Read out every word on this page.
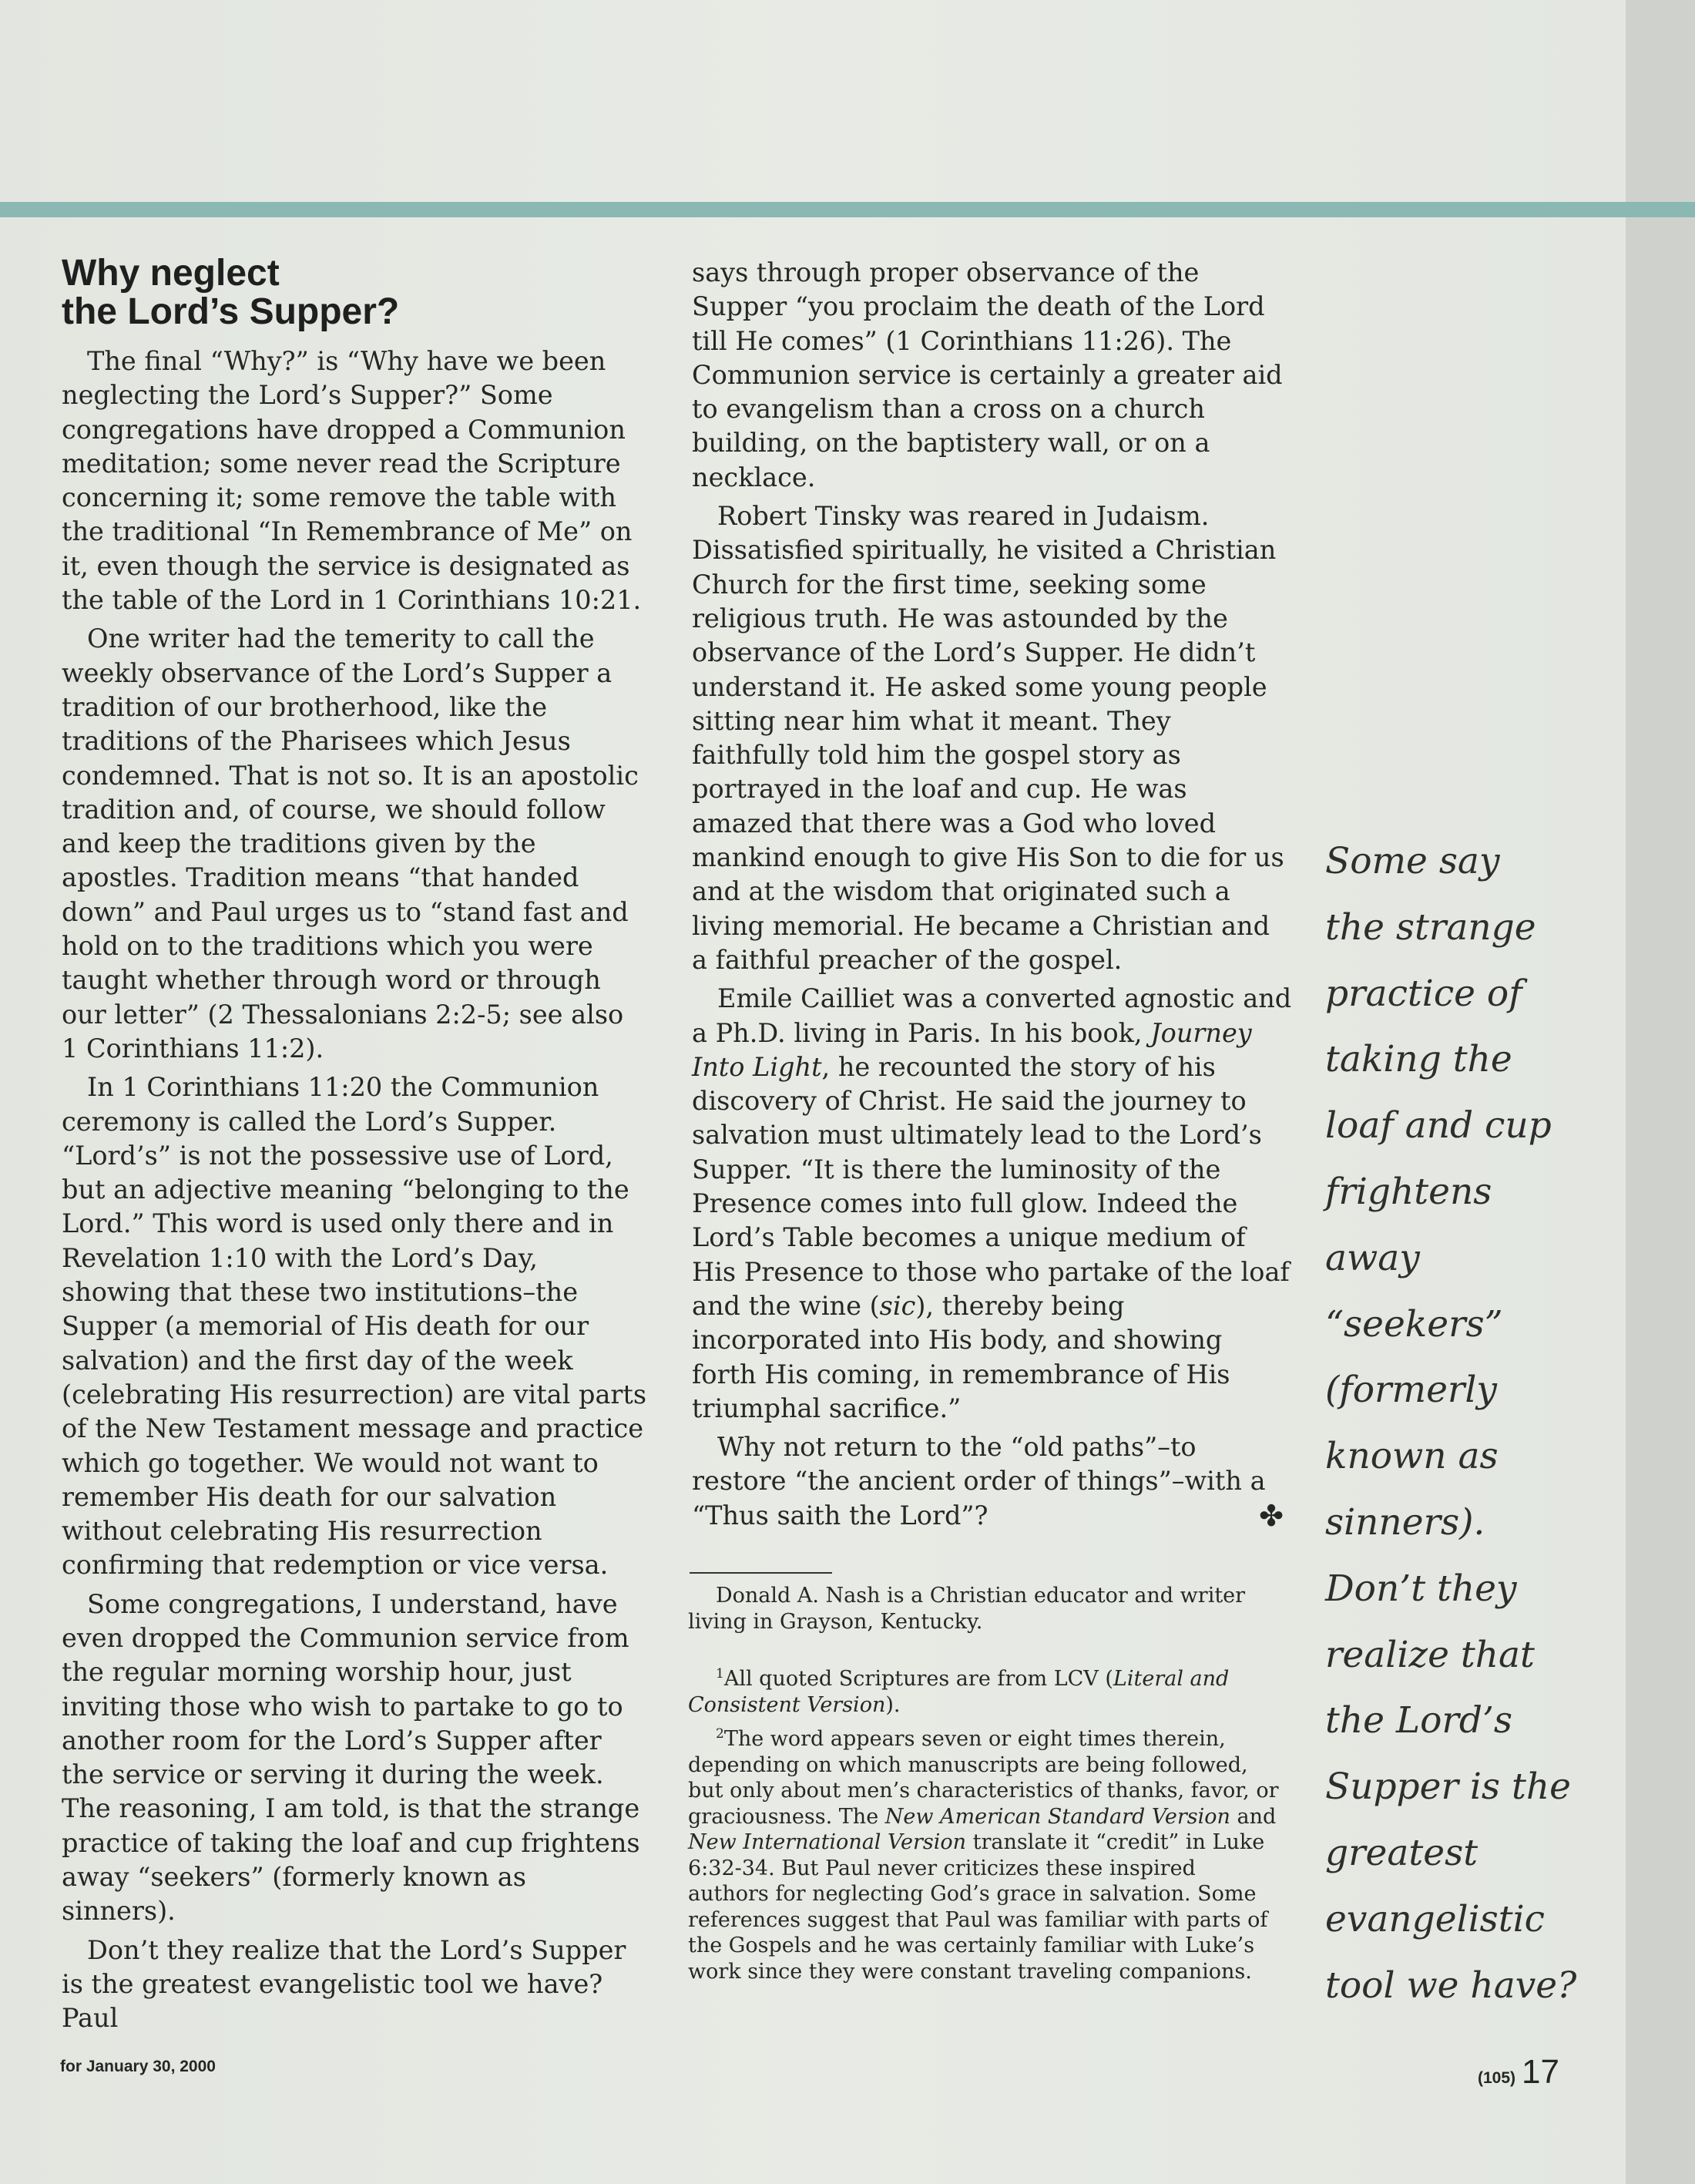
Why neglect
the Lord’s Supper?

The final “Why?” is “Why have we been neglecting the Lord’s Supper?” Some congregations have dropped a Communion meditation; some never read the Scripture concerning it; some remove the table with the traditional “In Remembrance of Me” on it, even though the service is designated as the table of the Lord in 1 Corinthians 10:21.

One writer had the temerity to call the weekly observance of the Lord’s Supper a tradition of our brotherhood, like the traditions of the Pharisees which Jesus condemned. That is not so. It is an apostolic tradition and, of course, we should follow and keep the traditions given by the apostles. Tradition means “that handed down” and Paul urges us to “stand fast and hold on to the traditions which you were taught whether through word or through our letter” (2 Thessalonians 2:2-5; see also 1 Corinthians 11:2).

In 1 Corinthians 11:20 the Communion ceremony is called the Lord’s Supper. “Lord’s” is not the possessive use of Lord, but an adjective meaning “belonging to the Lord.” This word is used only there and in Revelation 1:10 with the Lord’s Day, showing that these two institutions–the Supper (a memorial of His death for our salvation) and the first day of the week (celebrating His resurrection) are vital parts of the New Testament message and practice which go together. We would not want to remember His death for our salvation without celebrating His resurrection confirming that redemption or vice versa.

Some congregations, I understand, have even dropped the Communion service from the regular morning worship hour, just inviting those who wish to partake to go to another room for the Lord’s Supper after the service or serving it during the week. The reasoning, I am told, is that the strange practice of taking the loaf and cup frightens away “seekers” (formerly known as sinners).

Don’t they realize that the Lord’s Supper is the greatest evangelistic tool we have? Paul

says through proper observance of the Supper “you proclaim the death of the Lord till He comes” (1 Corinthians 11:26). The Communion service is certainly a greater aid to evangelism than a cross on a church building, on the baptistery wall, or on a necklace.

Robert Tinsky was reared in Judaism. Dissatisfied spiritually, he visited a Christian Church for the first time, seeking some religious truth. He was astounded by the observance of the Lord’s Supper. He didn’t understand it. He asked some young people sitting near him what it meant. They faithfully told him the gospel story as portrayed in the loaf and cup. He was amazed that there was a God who loved mankind enough to give His Son to die for us and at the wisdom that originated such a living memorial. He became a Christian and a faithful preacher of the gospel.

Emile Cailliet was a converted agnostic and a Ph.D. living in Paris. In his book, Journey Into Light, he recounted the story of his discovery of Christ. He said the journey to salvation must ultimately lead to the Lord’s Supper. “It is there the luminosity of the Presence comes into full glow. Indeed the Lord’s Table becomes a unique medium of His Presence to those who partake of the loaf and the wine (sic), thereby being incorporated into His body, and showing forth His coming, in remembrance of His triumphal sacrifice.”

Why not return to the “old paths”–to restore “the ancient order of things”–with a “Thus saith the Lord”?	✤

Donald A. Nash is a Christian educator and writer living in Grayson, Kentucky.

$^1$All quoted Scriptures are from LCV (Literal and Consistent Version).

$^2$The word appears seven or eight times therein, depending on which manuscripts are being followed, but only about men’s characteristics of thanks, favor, or graciousness. The New American Standard Version and New International Version translate it “credit” in Luke 6:32-34. But Paul never criticizes these inspired authors for neglecting God’s grace in salvation. Some references suggest that Paul was familiar with parts of the Gospels and he was certainly familiar with Luke’s work since they were constant traveling companions.

Some say
the strange
practice of
taking the
loaf and cup
frightens
away
“seekers”
(formerly
known as
sinners).
Don’t they
realize that
the Lord’s
Supper is the
greatest
evangelistic
tool we have?
for January 30, 2000
(105) 17
